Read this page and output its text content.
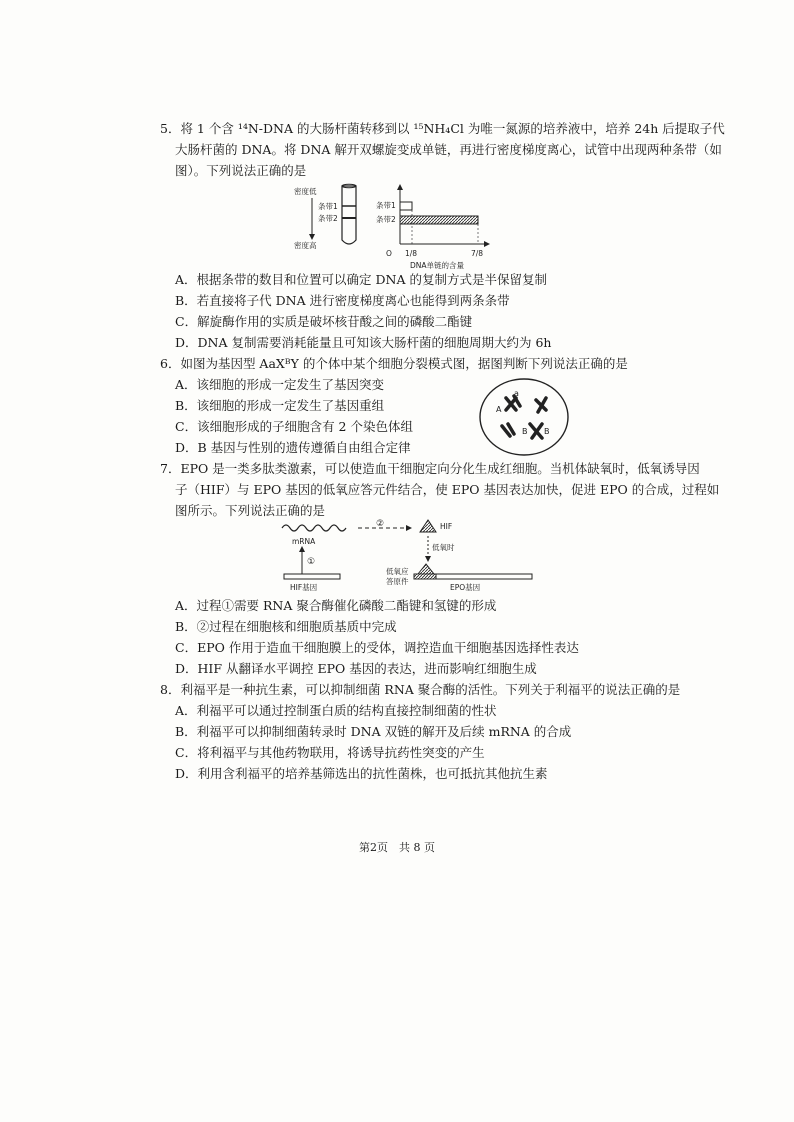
5．将 1 个含 ¹⁴N-DNA 的大肠杆菌转移到以 ¹⁵NH₄Cl 为唯一氮源的培养液中，培养 24h 后提取子代
大肠杆菌的 DNA。将 DNA 解开双螺旋变成单链，再进行密度梯度离心，试管中出现两种条带（如
图）。下列说法正确的是
密度低
条带1
条带2
密度高
条带1
条带2
O 1/8	7/8
DNA单链的含量
A．根据条带的数目和位置可以确定 DNA 的复制方式是半保留复制
B．若直接将子代 DNA 进行密度梯度离心也能得到两条条带
C．解旋酶作用的实质是破坏核苷酸之间的磷酸二酯键
D．DNA 复制需要消耗能量且可知该大肠杆菌的细胞周期大约为 6h
6．如图为基因型 AaXᴮY 的个体中某个细胞分裂模式图，据图判断下列说法正确的是
A．该细胞的形成一定发生了基因突变
B．该细胞的形成一定发生了基因重组
C．该细胞形成的子细胞含有 2 个染色体组
D．B 基因与性别的遗传遵循自由组合定律
A
a
B B
7．EPO 是一类多肽类激素，可以使造血干细胞定向分化生成红细胞。当机体缺氧时，低氧诱导因
子（HIF）与 EPO 基因的低氧应答元件结合，使 EPO 基因表达加快，促进 EPO 的合成，过程如
图所示。下列说法正确的是
mRNA
①
HIF基因
②	HIF
低氧时
低氧应
答原件
EPO基因
A．过程①需要 RNA 聚合酶催化磷酸二酯键和氢键的形成
B．②过程在细胞核和细胞质基质中完成
C．EPO 作用于造血干细胞膜上的受体，调控造血干细胞基因选择性表达
D．HIF 从翻译水平调控 EPO 基因的表达，进而影响红细胞生成
8．利福平是一种抗生素，可以抑制细菌 RNA 聚合酶的活性。下列关于利福平的说法正确的是
A．利福平可以通过控制蛋白质的结构直接控制细菌的性状
B．利福平可以抑制细菌转录时 DNA 双链的解开及后续 mRNA 的合成
C．将利福平与其他药物联用，将诱导抗药性突变的产生
D．利用含利福平的培养基筛选出的抗性菌株，也可抵抗其他抗生素
第2页　共 8 页
